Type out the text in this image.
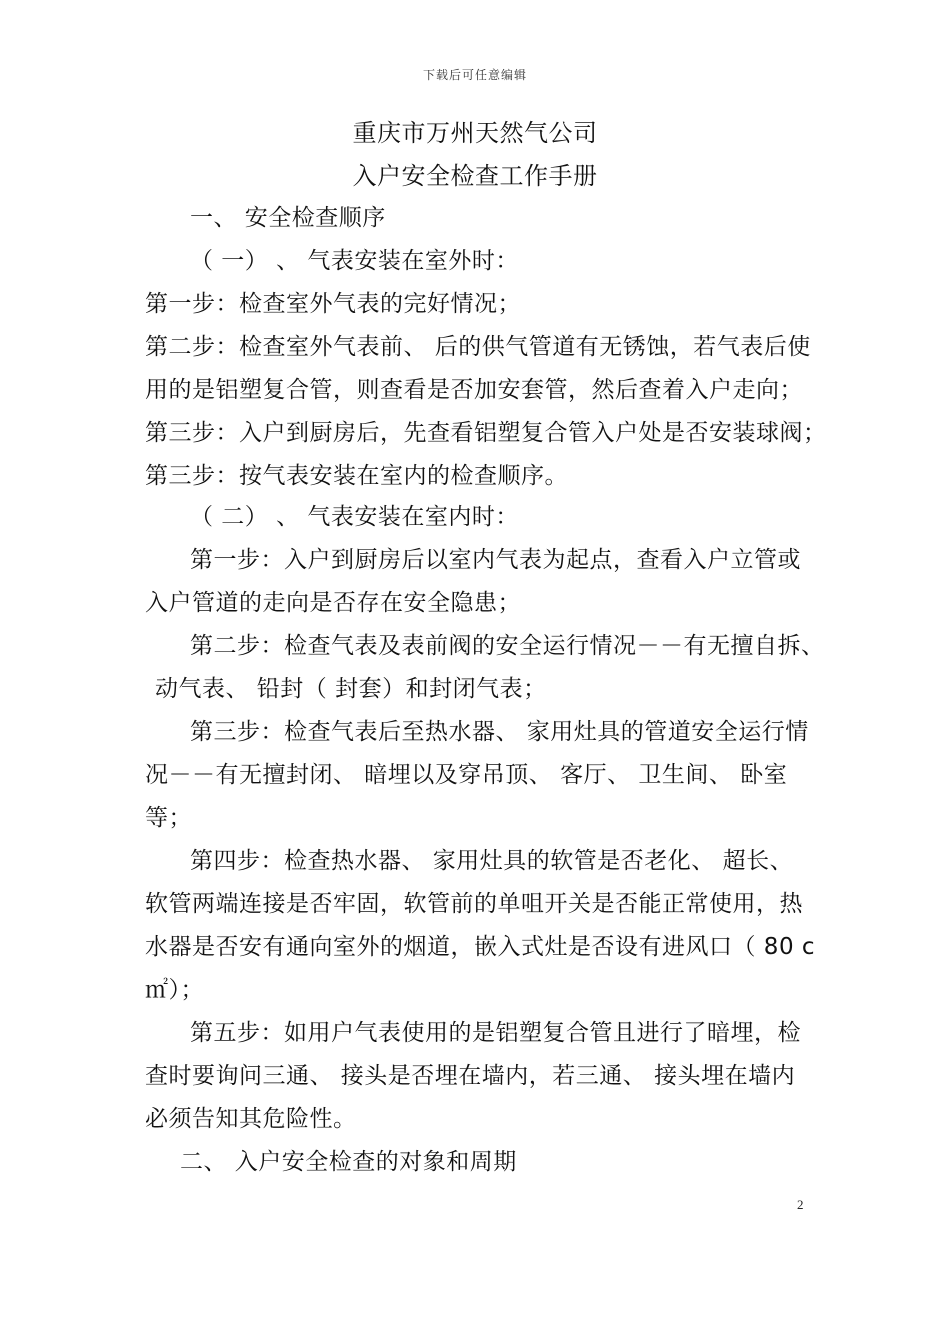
下载后可任意编辑
重庆市万州天然气公司
入户安全检查工作手册
一、 安全检查顺序
（ 一） 、 气表安装在室外时：
第一步：检查室外气表的完好情况；
第二步：检查室外气表前、 后的供气管道有无锈蚀，若气表后使
用的是铝塑复合管，则查看是否加安套管，然后查着入户走向；
第三步：入户到厨房后，先查看铝塑复合管入户处是否安装球阀；
第三步：按气表安装在室内的检查顺序。
（ 二） 、 气表安装在室内时：
第一步：入户到厨房后以室内气表为起点，查看入户立管或
入户管道的走向是否存在安全隐患；
第二步：检查气表及表前阀的安全运行情况－－有无擅自拆、
动气表、 铅封（ 封套）和封闭气表；
第三步：检查气表后至热水器、 家用灶具的管道安全运行情
况－－有无擅封闭、 暗埋以及穿吊顶、 客厅、 卫生间、 卧室
等；
第四步：检查热水器、 家用灶具的软管是否老化、 超长、
软管两端连接是否牢固，软管前的单咀开关是否能正常使用，热
水器是否安有通向室外的烟道，嵌入式灶是否设有进风口（ 80 c
㎡）；
第五步：如用户气表使用的是铝塑复合管且进行了暗埋，检
查时要询问三通、 接头是否埋在墙内，若三通、 接头埋在墙内
必须告知其危险性。
二、 入户安全检查的对象和周期
2
